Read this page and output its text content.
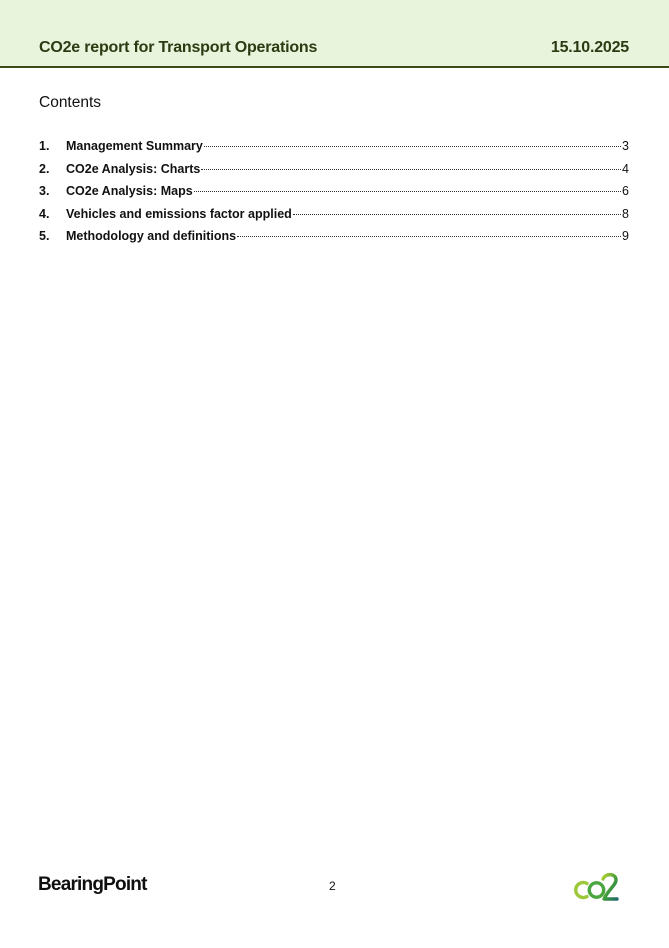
CO2e report for Transport Operations	15.10.2025
Contents
1.	Management Summary	3
2.	CO2e Analysis: Charts	4
3.	CO2e Analysis: Maps	6
4.	Vehicles and emissions factor applied	8
5.	Methodology and definitions	9
BearingPoint	2
